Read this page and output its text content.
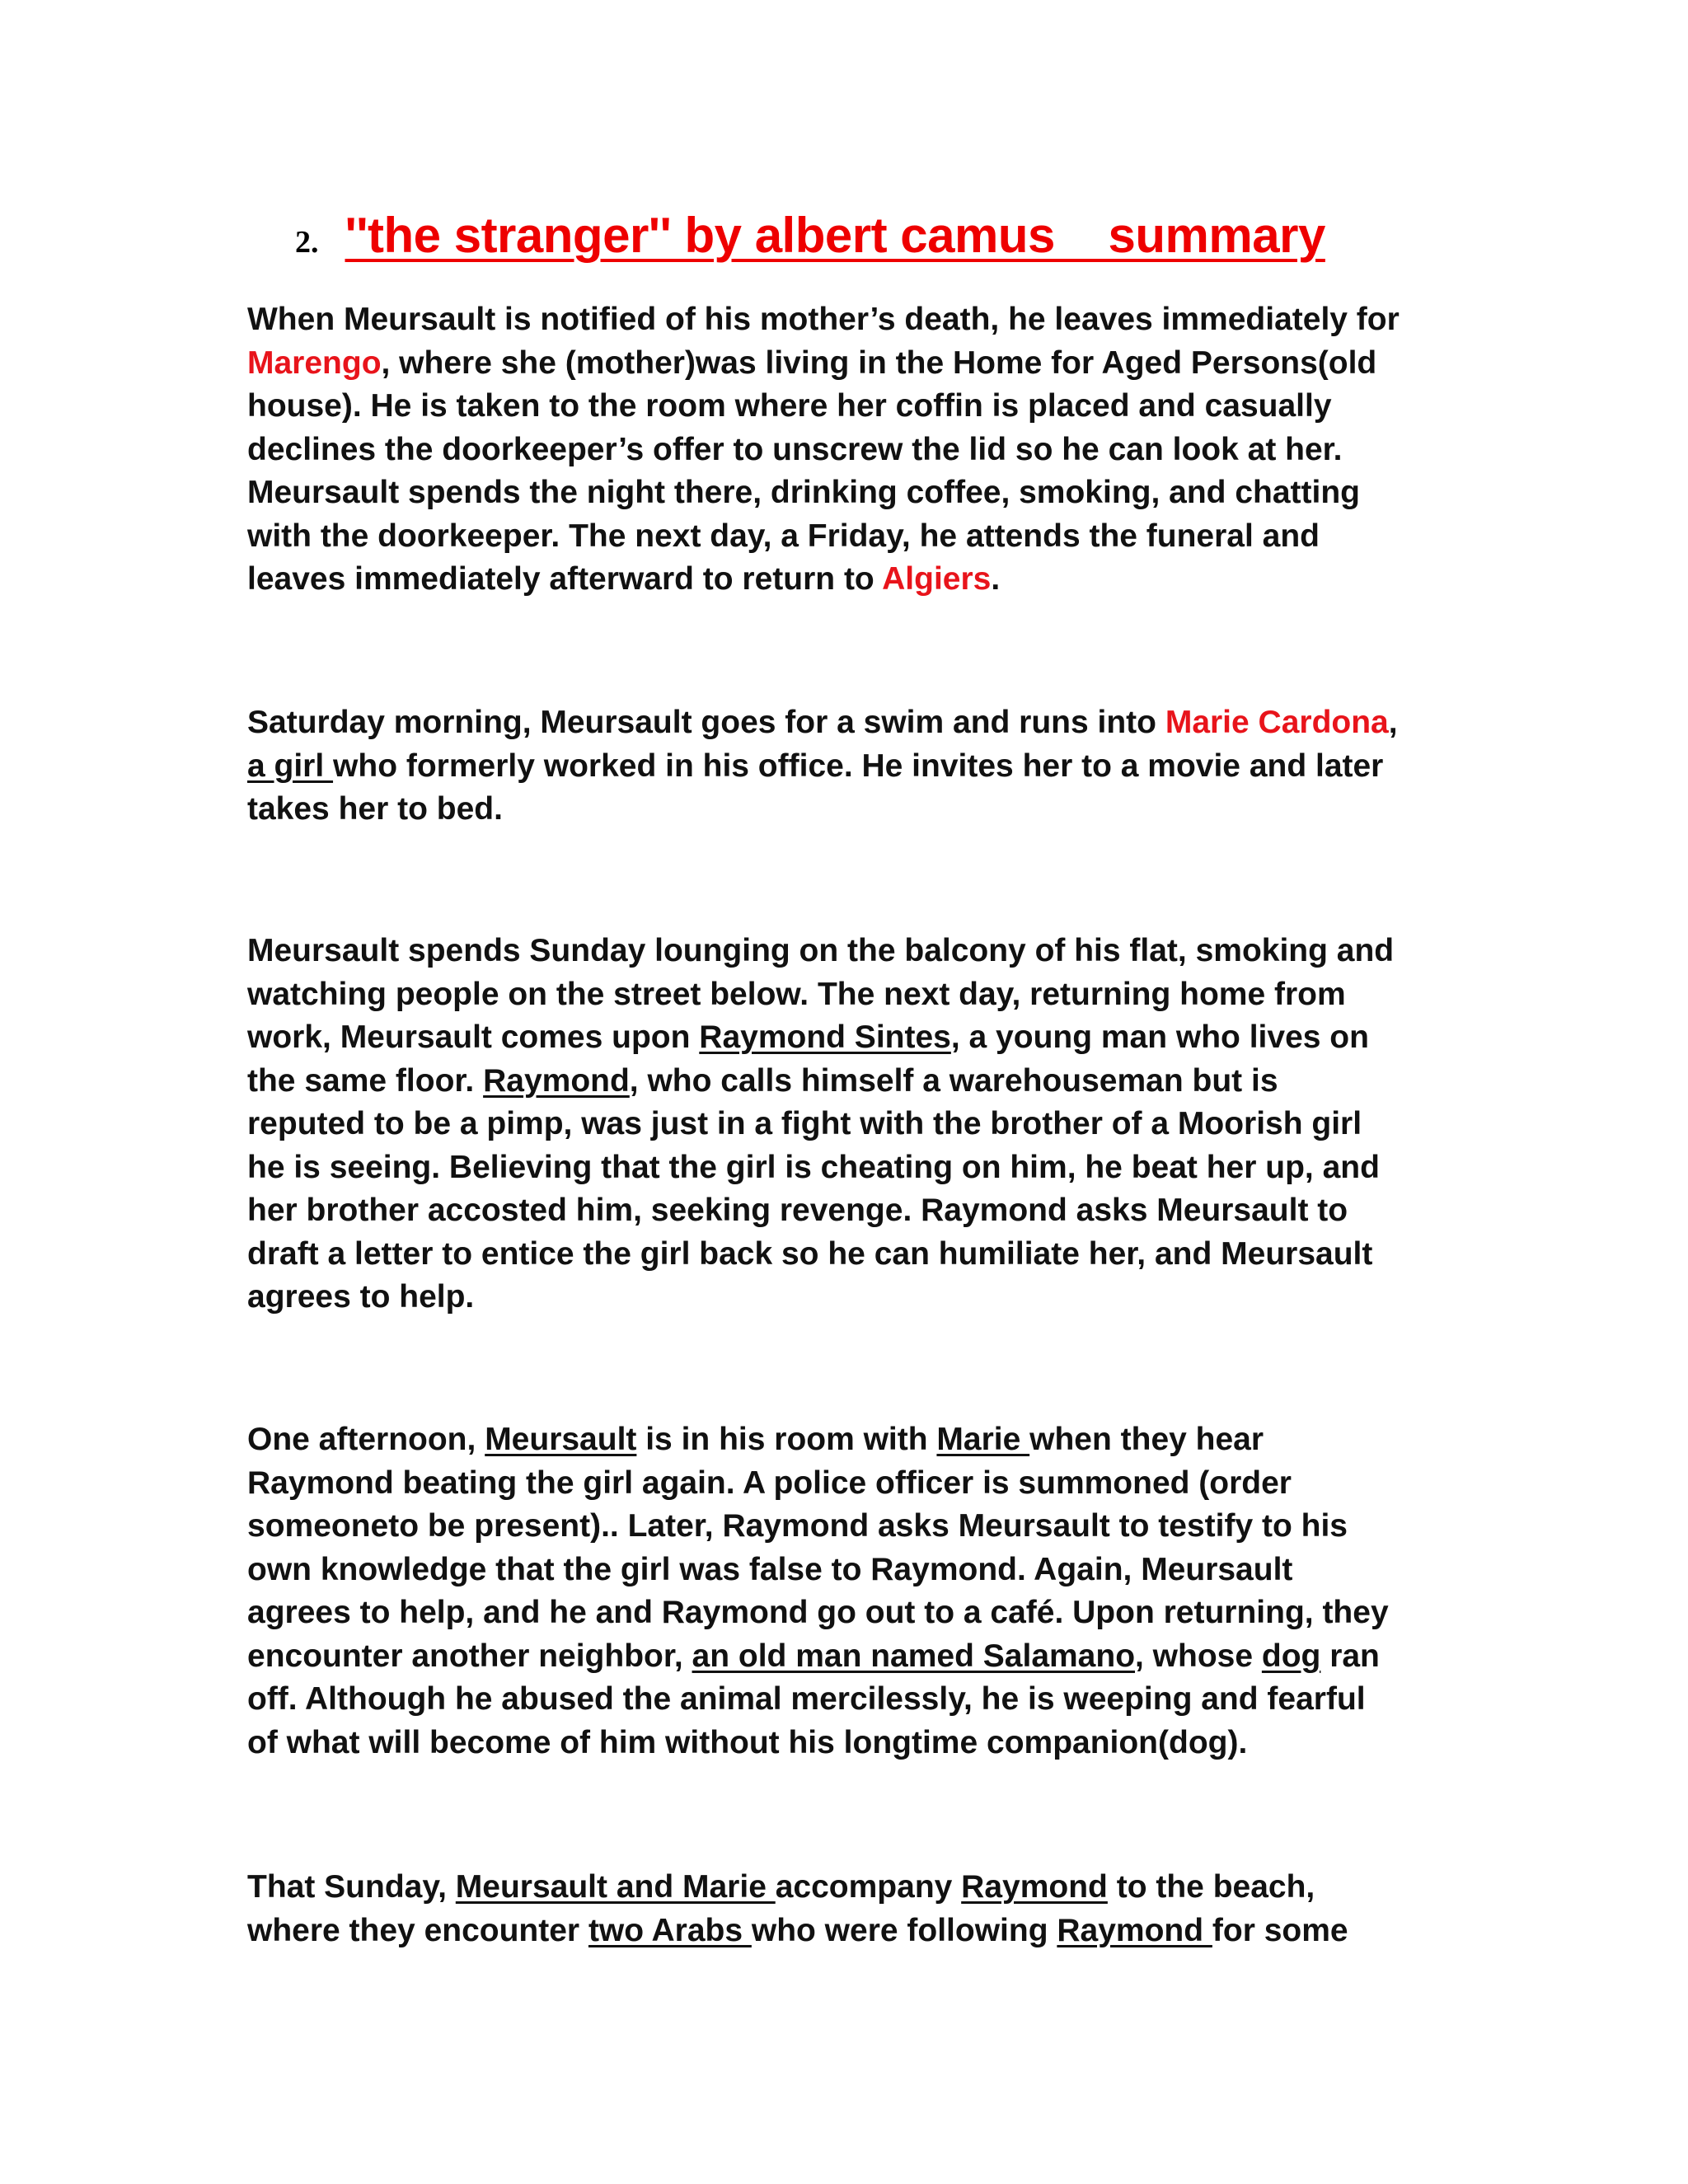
2. ''the stranger'' by albert camus    summary

When Meursault is notified of his mother’s death, he leaves immediately for
Marengo, where she (mother)was living in the Home for Aged Persons(old
house). He is taken to the room where her coffin is placed and casually
declines the doorkeeper’s offer to unscrew the lid so he can look at her.
Meursault spends the night there, drinking coffee, smoking, and chatting
with the doorkeeper. The next day, a Friday, he attends the funeral and
leaves immediately afterward to return to Algiers.

Saturday morning, Meursault goes for a swim and runs into Marie Cardona,
a girl who formerly worked in his office. He invites her to a movie and later
takes her to bed.

Meursault spends Sunday lounging on the balcony of his flat, smoking and
watching people on the street below. The next day, returning home from
work, Meursault comes upon Raymond Sintes, a young man who lives on
the same floor. Raymond, who calls himself a warehouseman but is
reputed to be a pimp, was just in a fight with the brother of a Moorish girl
he is seeing. Believing that the girl is cheating on him, he beat her up, and
her brother accosted him, seeking revenge. Raymond asks Meursault to
draft a letter to entice the girl back so he can humiliate her, and Meursault
agrees to help.

One afternoon, Meursault is in his room with Marie when they hear
Raymond beating the girl again. A police officer is summoned (order
someoneto be present).. Later, Raymond asks Meursault to testify to his
own knowledge that the girl was false to Raymond. Again, Meursault
agrees to help, and he and Raymond go out to a café. Upon returning, they
encounter another neighbor, an old man named Salamano, whose dog ran
off. Although he abused the animal mercilessly, he is weeping and fearful
of what will become of him without his longtime companion(dog).

That Sunday, Meursault and Marie accompany Raymond to the beach,
where they encounter two Arabs who were following Raymond for some
